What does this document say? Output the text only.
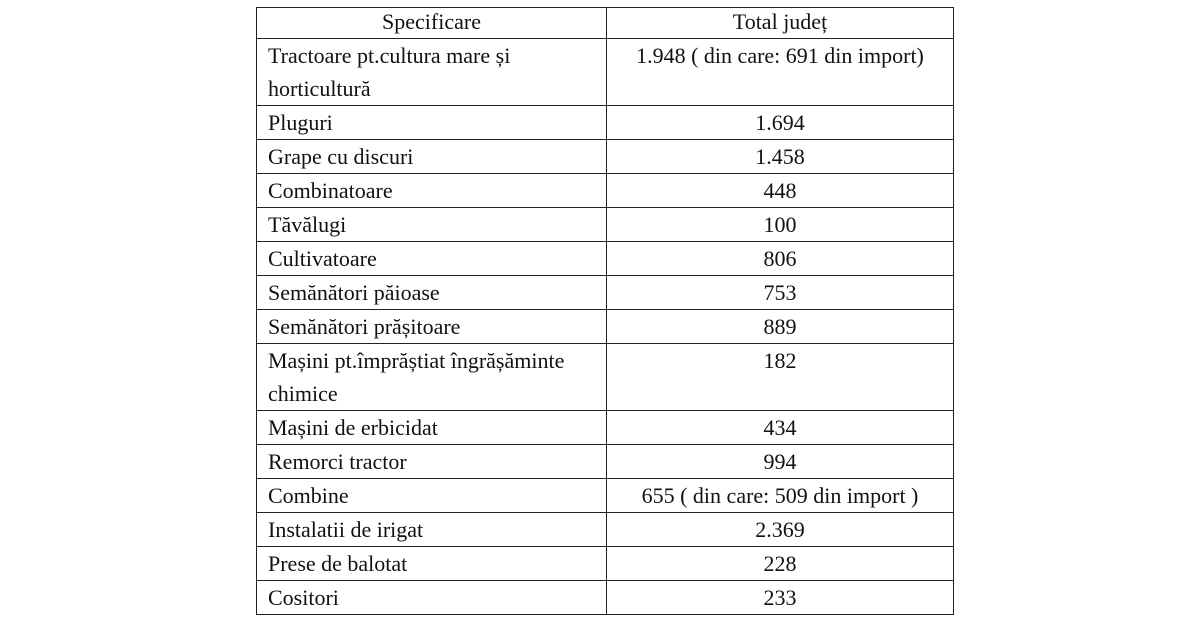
Specificare	Total județ
Tractoare pt.cultura mare și horticultură	1.948 ( din care: 691 din import)
Pluguri	1.694
Grape cu discuri	1.458
Combinatoare	448
Tăvălugi	100
Cultivatoare	806
Semănători păioase	753
Semănători prășitoare	889
Mașini pt.împrăștiat îngrășăminte chimice	182
Mașini de erbicidat	434
Remorci tractor	994
Combine	655 ( din care: 509 din import )
Instalatii de irigat	2.369
Prese de balotat	228
Cositori	233
